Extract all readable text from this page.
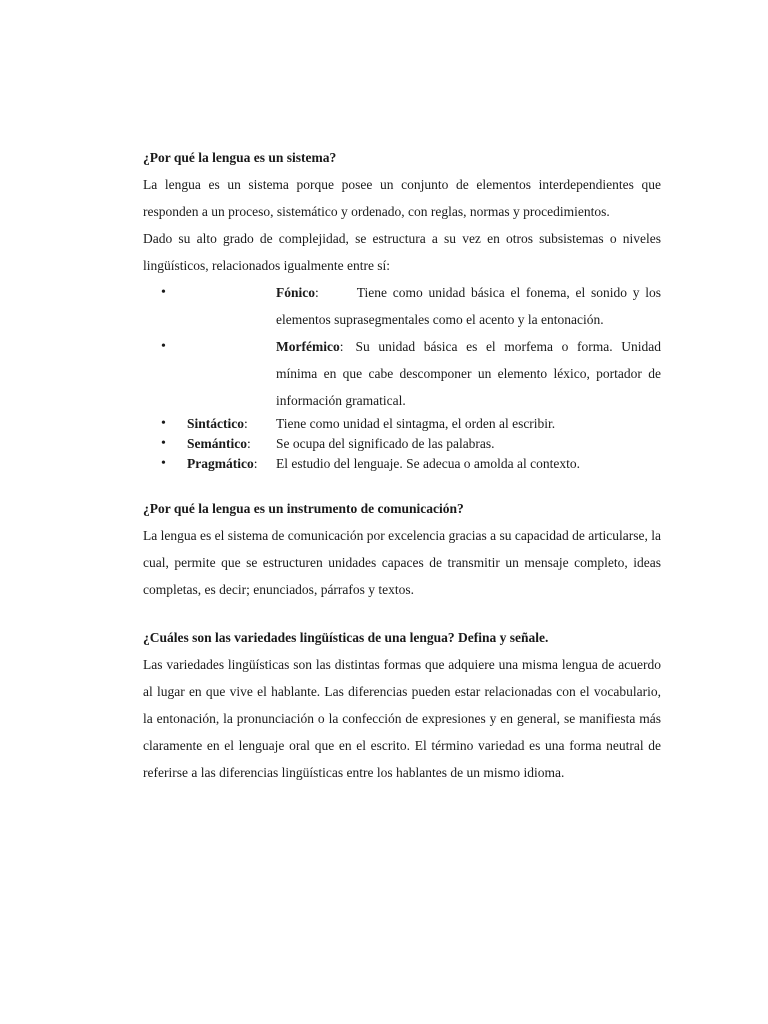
¿Por qué la lengua es un sistema?

La lengua es un sistema porque posee un conjunto de elementos interdependientes que responden a un proceso, sistemático y ordenado, con reglas, normas y procedimientos.

Dado su alto grado de complejidad, se estructura a su vez en otros subsistemas o niveles lingüísticos, relacionados igualmente entre sí:

•	Fónico:	Tiene como unidad básica el fonema, el sonido y los elementos suprasegmentales como el acento y la entonación.
•	Morfémico: Su unidad básica es el morfema o forma. Unidad mínima en que cabe descomponer un elemento léxico, portador de información gramatical.
• Sintáctico: Tiene como unidad el sintagma, el orden al escribir.
• Semántico: Se ocupa del significado de las palabras.
• Pragmático: El estudio del lenguaje. Se adecua o amolda al contexto.

¿Por qué la lengua es un instrumento de comunicación?

La lengua es el sistema de comunicación por excelencia gracias a su capacidad de articularse, la cual, permite que se estructuren unidades capaces de transmitir un mensaje completo, ideas completas, es decir; enunciados, párrafos y textos.

¿Cuáles son las variedades lingüísticas de una lengua? Defina y señale.

Las variedades lingüísticas son las distintas formas que adquiere una misma lengua de acuerdo al lugar en que vive el hablante. Las diferencias pueden estar relacionadas con el vocabulario, la entonación, la pronunciación o la confección de expresiones y en general, se manifiesta más claramente en el lenguaje oral que en el escrito. El término variedad es una forma neutral de referirse a las diferencias lingüísticas entre los hablantes de un mismo idioma.
